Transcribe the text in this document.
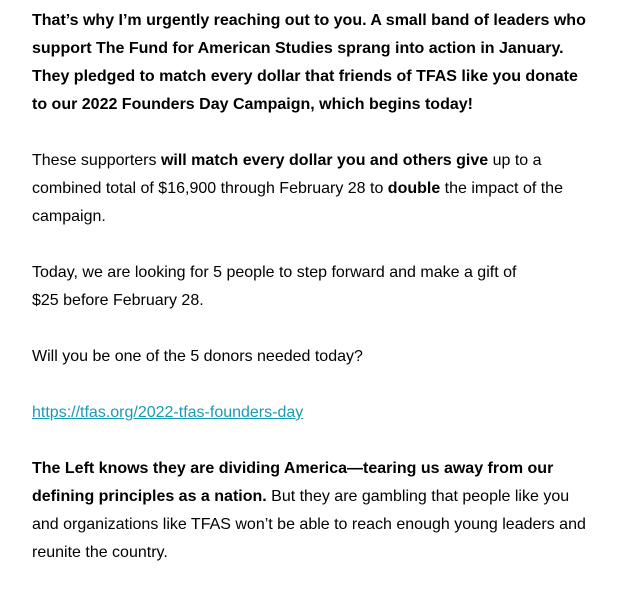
That’s why I’m urgently reaching out to you. A small band of leaders who support The Fund for American Studies sprang into action in January. They pledged to match every dollar that friends of TFAS like you donate to our 2022 Founders Day Campaign, which begins today!

These supporters will match every dollar you and others give up to a combined total of $16,900 through February 28 to double the impact of the campaign.

Today, we are looking for 5 people to step forward and make a gift of $25 before February 28.

Will you be one of the 5 donors needed today?

https://tfas.org/2022-tfas-founders-day

The Left knows they are dividing America—tearing us away from our defining principles as a nation. But they are gambling that people like you and organizations like TFAS won’t be able to reach enough young leaders and reunite the country.
